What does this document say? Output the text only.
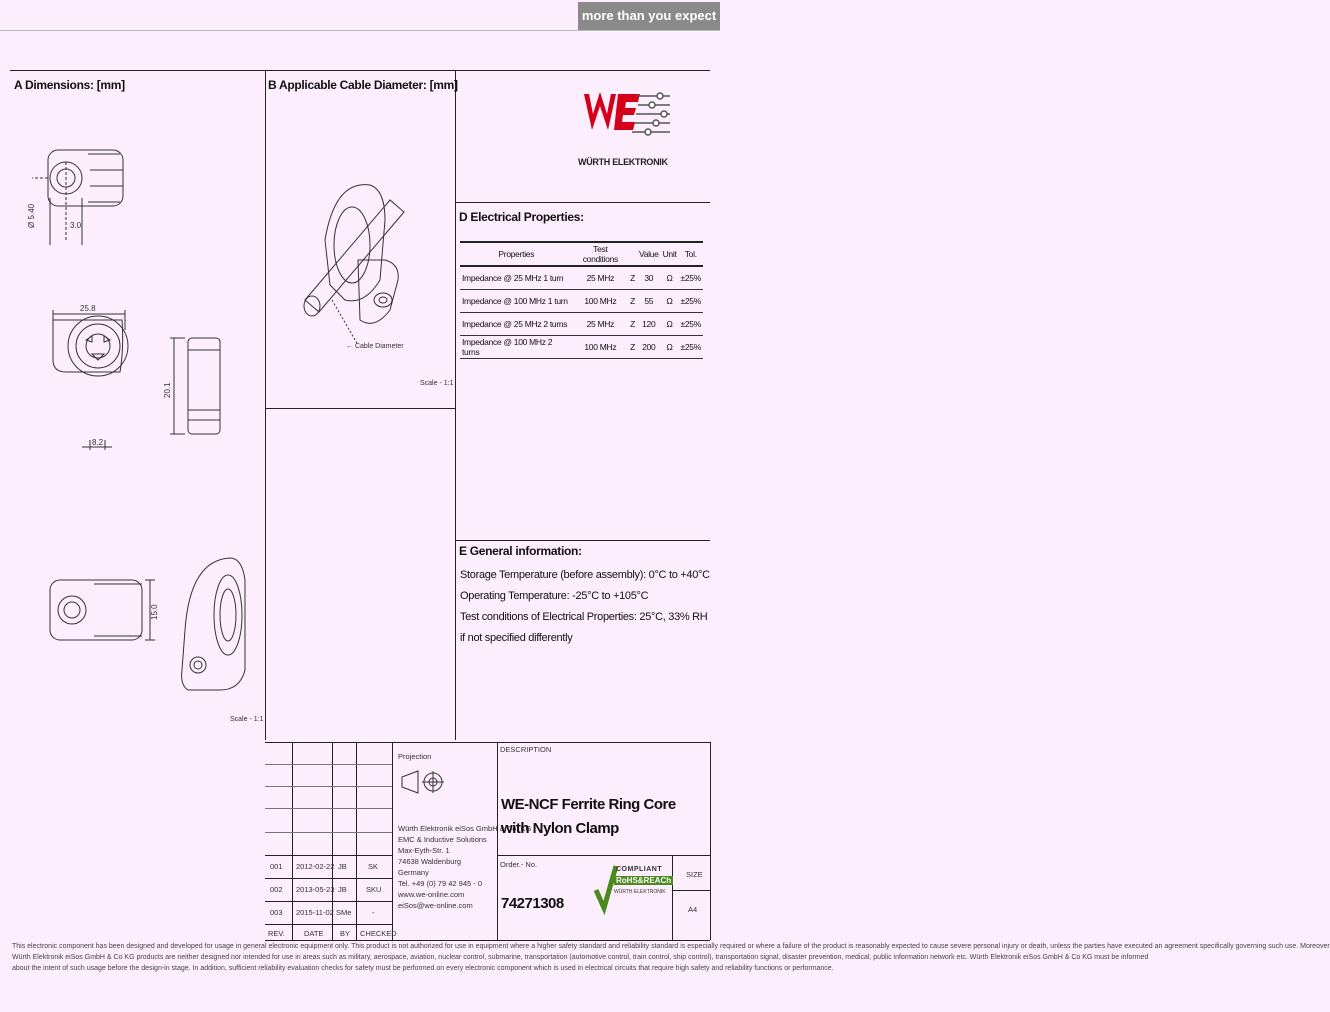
more than you expect
A Dimensions: [mm]	B Applicable Cable Diameter: [mm]
D Electrical Properties:
E General information:
WÜRTH ELEKTRONIK
Ø 5.40	3.0
25.8
20.1
8.2
15.0
Scale - 1:1
← Cable Diameter
Scale - 1:1
Properties	Test conditions		Value	Unit	Tol.
Impedance @ 25 MHz 1 turn	25 MHz	Z	30	Ω	±25%
Impedance @ 100 MHz 1 turn	100 MHz	Z	55	Ω	±25%
Impedance @ 25 MHz 2 turns	25 MHz	Z	120	Ω	±25%
Impedance @ 100 MHz 2 turns	100 MHz	Z	200	Ω	±25%
Storage Temperature (before assembly): 0°C to +40°C
Operating Temperature: -25°C to +105°C
Test conditions of Electrical Properties: 25°C, 33% RH
if not specified differently
Projection
Würth Elektronik eiSos GmbH & Co. KG
EMC & Inductive Solutions
Max-Eyth-Str. 1
74638 Waldenburg
Germany
Tel. +49 (0) 79 42 945 - 0
www.we-online.com
eiSos@we-online.com
001 2012-02-22 JB	SK
002 2013-05-23 JB	SKU
003 2015-11-02 SMe	-
REV.	DATE BY CHECKED
DESCRIPTION
WE-NCF Ferrite Ring Core with Nylon Clamp
Order.- No.
74271308
SIZE
A4
COMPLIANT
RoHS&REACh
WÜRTH ELEKTRONIK
This electronic component has been designed and developed for usage in general electronic equipment only. This product is not authorized for use in equipment where a higher safety standard and reliability standard is especially required or where a failure of the product is reasonably expected to cause severe personal injury or death, unless the parties have executed an agreement specifically governing such use. Moreover
Würth Elektronik eiSos GmbH & Co KG products are neither designed nor intended for use in areas such as military, aerospace, aviation, nuclear control, submarine, transportation (automotive control, train control, ship control), transportation signal, disaster prevention, medical, public information network etc. Würth Elektronik eiSos GmbH & Co KG must be informed
about the intent of such usage before the design-in stage. In addition, sufficient reliability evaluation checks for safety must be performed on every electronic component which is used in electrical circuits that require high safety and reliability functions or performance.
